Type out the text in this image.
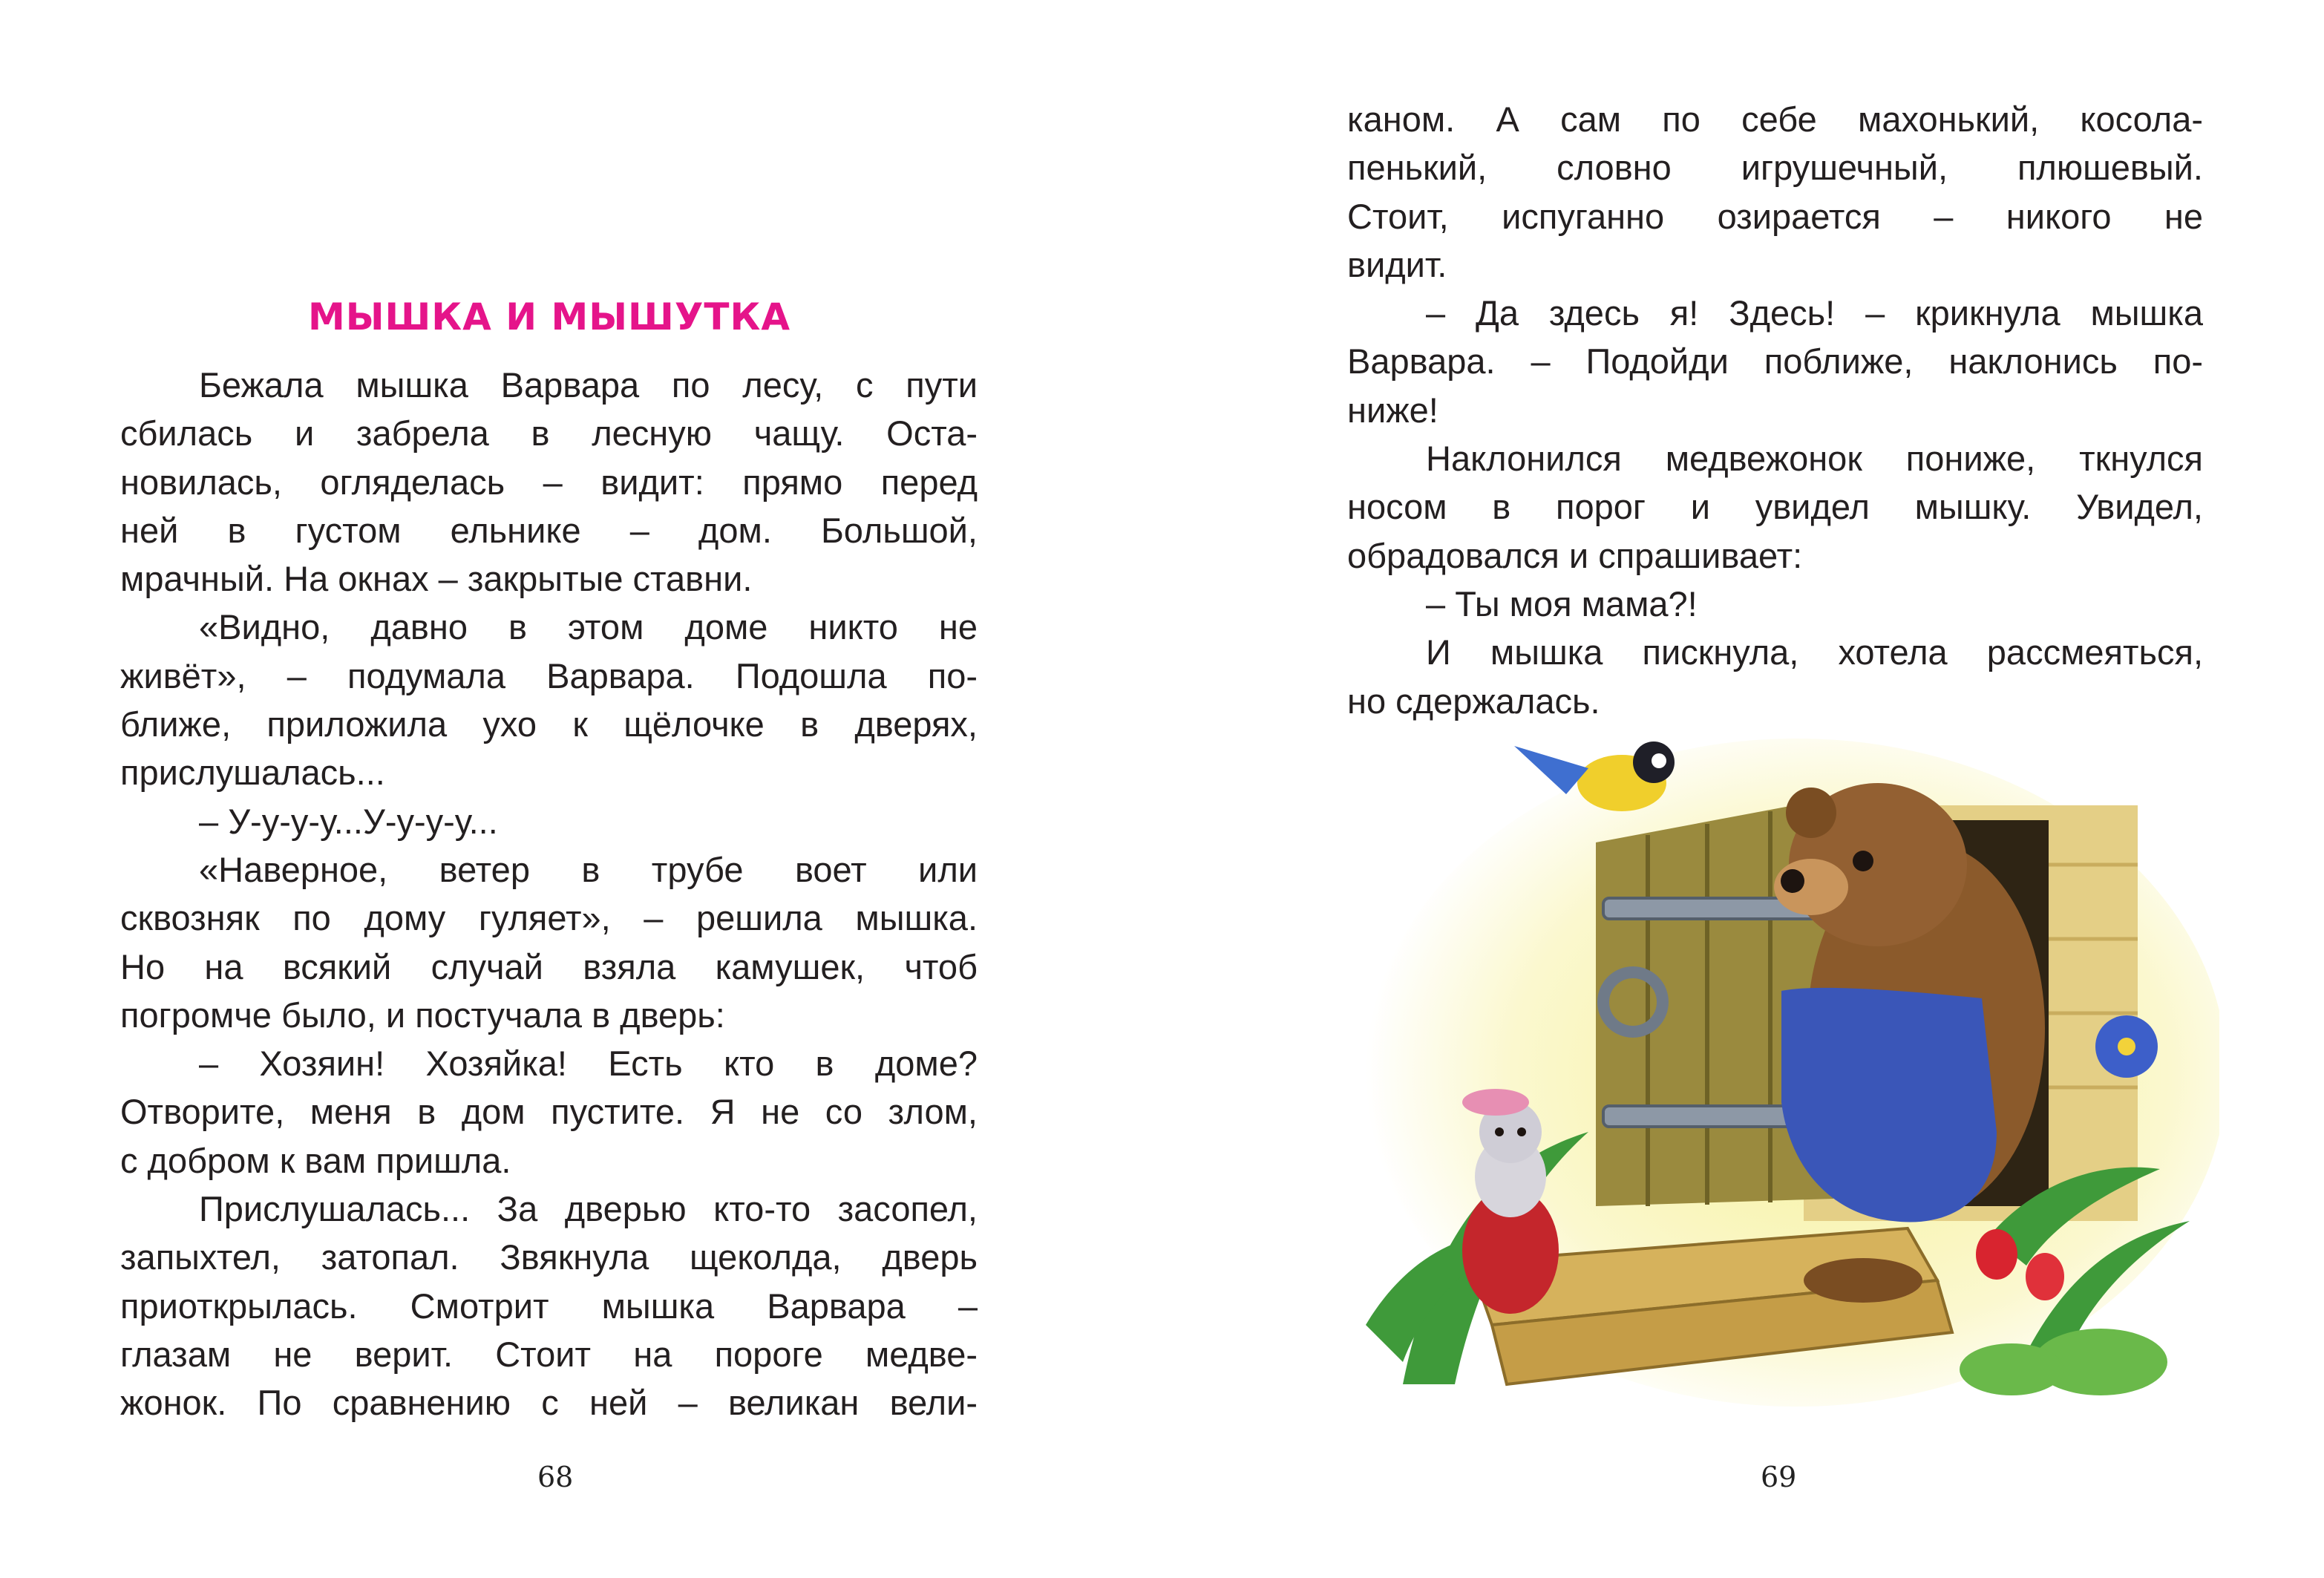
МЫШКА И МЫШУТКА
Бежала мышка Варвара по лесу, с пути
сбилась и забрела в лесную чащу. Оста-
новилась, огляделась – видит: прямо перед
ней в густом ельнике – дом. Большой,
мрачный. На окнах – закрытые ставни.
«Видно, давно в этом доме никто не
живёт», – подумала Варвара. Подошла по-
ближе, приложила ухо к щёлочке в дверях,
прислушалась...
– У-у-у-у...У-у-у-у...
«Наверное, ветер в трубе воет или
сквозняк по дому гуляет», – решила мышка.
Но на всякий случай взяла камушек, чтоб
погромче было, и постучала в дверь:
– Хозяин! Хозяйка! Есть кто в доме?
Отворите, меня в дом пустите. Я не со злом,
с добром к вам пришла.
Прислушалась... За дверью кто-то засопел,
запыхтел, затопал. Звякнула щеколда, дверь
приоткрылась. Смотрит мышка Варвара –
глазам не верит. Стоит на пороге медве-
жонок. По сравнению с ней – великан вели-
68
каном. А сам по себе махонький, косола-
пенький, словно игрушечный, плюшевый.
Стоит, испуганно озирается – никого не
видит.
– Да здесь я! Здесь! – крикнула мышка
Варвара. – Подойди поближе, наклонись по-
ниже!
Наклонился медвежонок пониже, ткнулся
носом в порог и увидел мышку. Увидел,
обрадовался и спрашивает:
– Ты моя мама?!
И мышка пискнула, хотела рассмеяться,
но сдержалась.
69
